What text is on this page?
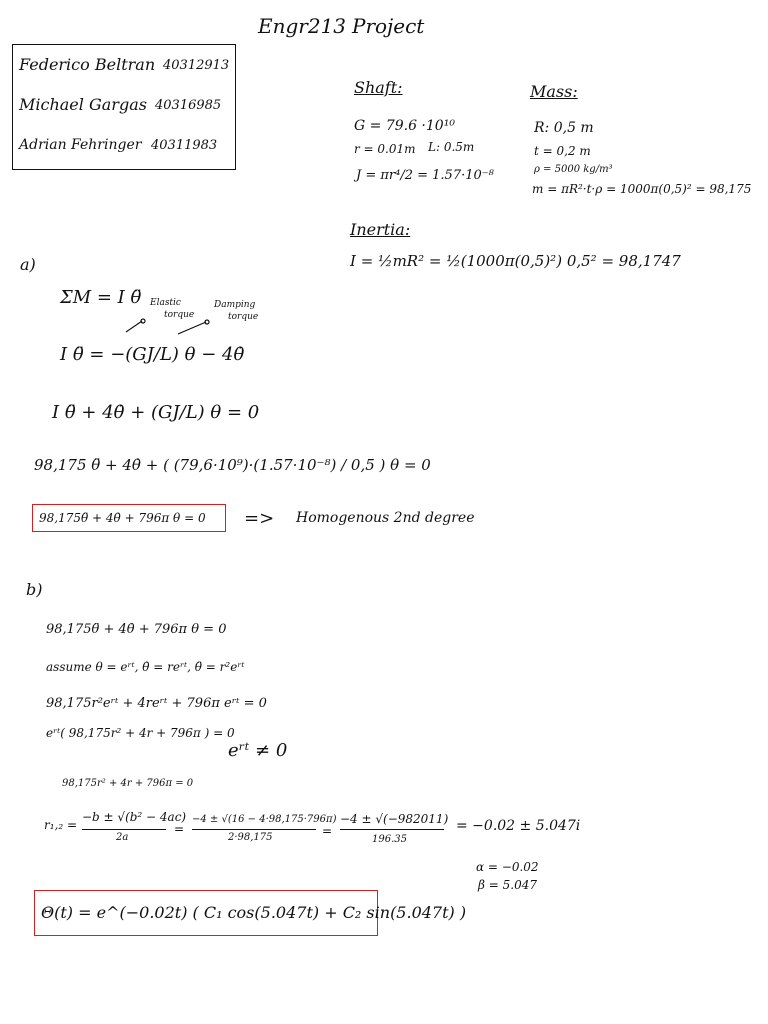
Engr213 Project
Federico Beltran 40312913
Michael Gargas 40316985
Adrian Fehringer 40311983
Shaft:
G = 79.6 ·10¹⁰
r = 0.01m L: 0.5m
J = πr⁴/2 = 1.57·10⁻⁸
Mass:
R: 0,5 m
t = 0,2 m
ρ = 5000 kg/m³
m = πR²·t·ρ = 1000π(0,5)² = 98,175
Inertia:
I = ½mR² = ½(1000π(0,5)²) 0,5² = 98,1747
a)
ΣM = I θ̈ Elastic
torque
Damping
torque
I θ̈ = −(GJ/L) θ − 4θ̇
I θ̈ + 4θ̇ + (GJ/L) θ = 0
98,175 θ̈ + 4θ̇ + ( (79,6·10⁹)·(1.57·10⁻⁸) / 0,5 ) θ = 0
98,175θ̈ + 4θ̇ + 796π θ = 0 => Homogenous 2nd degree
b)
98,175θ̈ + 4θ̇ + 796π θ = 0
assume θ = eʳᵗ, θ̇ = reʳᵗ, θ̈ = r²eʳᵗ
98,175r²eʳᵗ + 4reʳᵗ + 796π eʳᵗ = 0
eʳᵗ( 98,175r² + 4r + 796π ) = 0
eʳᵗ ≠ 0
98,175r² + 4r + 796π = 0
r₁,₂ =
−b ± √(b² − 4ac)
2a
=
−4 ± √(16 − 4·98,175·796π)
2·98,175	=
−4 ± √(−982011)
196.35
= −0.02 ± 5.047i
α = −0.02
β = 5.047
Θ(t) = e^(−0.02t) ( C₁ cos(5.047t) + C₂ sin(5.047t) )
